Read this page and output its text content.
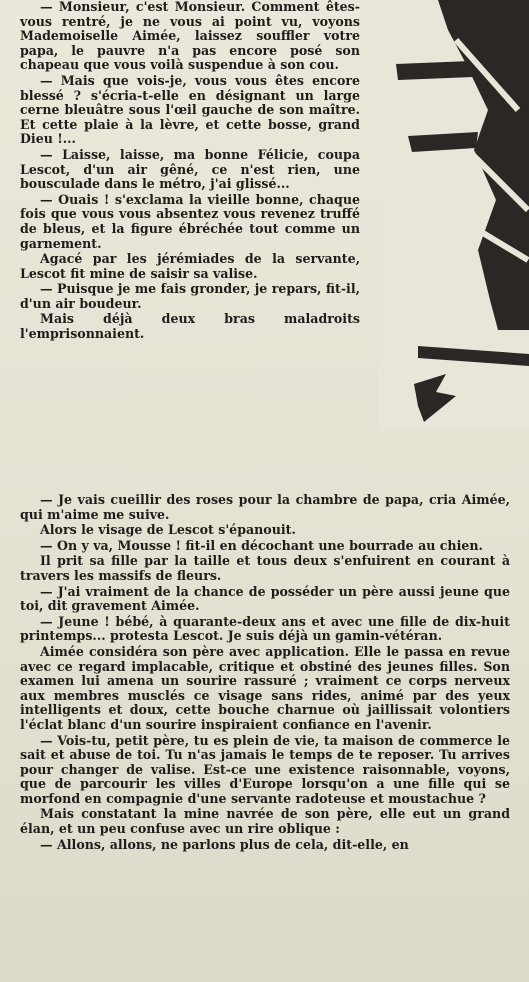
— Monsieur, c'est Monsieur. Comment êtes-vous rentré, je ne vous ai point vu, voyons Mademoiselle Aimée, laissez souffler votre papa, le pauvre n'a pas encore posé son chapeau que vous voilà suspendue à son cou.

— Mais que vois-je, vous vous êtes encore blessé ? s'écria-t-elle en désignant un large cerne bleuâtre sous l'œil gauche de son maître. Et cette plaie à la lèvre, et cette bosse, grand Dieu !...

— Laisse, laisse, ma bonne Félicie, coupa Lescot, d'un air gêné, ce n'est rien, une bousculade dans le métro, j'ai glissé...

— Ouais ! s'exclama la vieille bonne, chaque fois que vous vous absentez vous revenez truffé de bleus, et la figure ébréchée tout comme un garnement.

Agacé par les jérémiades de la servante, Lescot fit mine de saisir sa valise.

— Puisque je me fais gronder, je repars, fit-il, d'un air boudeur.

Mais déjà deux bras maladroits l'emprisonnaient.

— Je vais cueillir des roses pour la chambre de papa, cria Aimée, qui m'aime me suive.

Alors le visage de Lescot s'épanouit.

— On y va, Mousse ! fit-il en décochant une bourrade au chien.

Il prit sa fille par la taille et tous deux s'enfuirent en courant à travers les massifs de fleurs.

— J'ai vraiment de la chance de posséder un père aussi jeune que toi, dit gravement Aimée.

— Jeune ! bébé, à quarante-deux ans et avec une fille de dix-huit printemps... protesta Lescot. Je suis déjà un gamin-vétéran.

Aimée considéra son père avec application. Elle le passa en revue avec ce regard implacable, critique et obstiné des jeunes filles. Son examen lui amena un sourire rassuré ; vraiment ce corps nerveux aux membres musclés ce visage sans rides, animé par des yeux intelligents et doux, cette bouche charnue où jaillissait volontiers l'éclat blanc d'un sourire inspiraient confiance en l'avenir.

— Vois-tu, petit père, tu es plein de vie, ta maison de commerce le sait et abuse de toi. Tu n'as jamais le temps de te reposer. Tu arrives pour changer de valise. Est-ce une existence raisonnable, voyons, que de parcourir les villes d'Europe lorsqu'on a une fille qui se morfond en compagnie d'une servante radoteuse et moustachue ?

Mais constatant la mine navrée de son père, elle eut un grand élan, et un peu confuse avec un rire oblique :

— Allons, allons, ne parlons plus de cela, dit-elle, en
